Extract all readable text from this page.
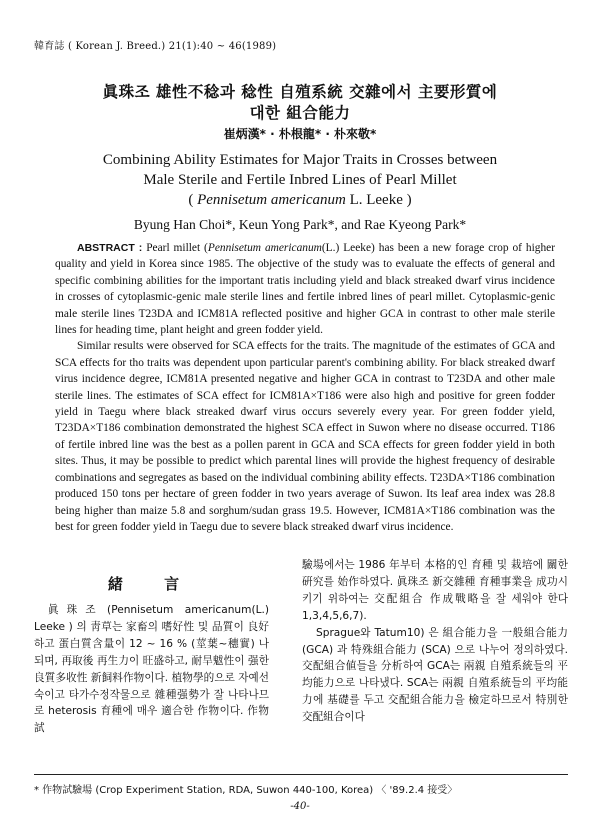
韓育誌 ( Korean J. Breed.) 21(1):40 ~ 46(1989)
眞珠조 雄性不稔과 稔性 自殖系統 交雜에서 主要形質에
대한 組合能力
崔炳漢* · 朴根龍* · 朴來敬*
Combining Ability Estimates for Major Traits in Crosses between
Male Sterile and Fertile Inbred Lines of Pearl Millet
( Pennisetum americanum L. Leeke )
Byung Han Choi*, Keun Yong Park*, and Rae Kyeong Park*

ABSTRACT : Pearl millet (Pennisetum americanum(L.) Leeke) has been a new forage crop of higher quality and yield in Korea since 1985. The objective of the study was to evaluate the effects of general and specific combining abilities for the important tratis including yield and black streaked dwarf virus incidence in crosses of cytoplasmic-genic male sterile lines and fertile inbred lines of pearl millet. Cytoplasmic-genic male sterile lines T23DA and ICM81A reflected positive and higher GCA in contrast to other male sterile lines for heading time, plant height and green fodder yield.

Similar results were observed for SCA effects for the traits. The magnitude of the estimates of GCA and SCA effects for tho traits was dependent upon particular parent's combining ability. For black streaked dwarf virus incidence degree, ICM81A presented negative and higher GCA in contrast to T23DA and other male sterile lines. The estimates of SCA effect for ICM81A×T186 were also high and positive for green fodder yield in Taegu where black streaked dwarf virus occurs severely every year. For green fodder yield, T23DA×T186 combination demonstrated the highest SCA effect in Suwon where no disease occurred. T186 of fertile inbred line was the best as a pollen parent in GCA and SCA effects for green fodder yield in both sites. Thus, it may be possible to predict which parental lines will provide the highest frequency of desirable combinations and segregates as based on the individual combining ability effects. T23DA×T186 combination produced 150 tons per hectare of green fodder in two years average of Suwon. Its leaf area index was 28.8 being higher than maize 5.8 and sorghum/sudan grass 19.5. However, ICM81A×T186 combination was the best for green fodder yield in Taegu due to severe black streaked dwarf virus incidence.

緒 言

眞珠조 (Pennisetum americanum(L.) Leeke ) 의 靑草는 家畜의 嗜好性 및 品質이 良好하고 蛋白質含量이 12 ~ 16 % (莖葉~穗實) 나 되며, 再取後 再生力이 旺盛하고, 耐旱魃性이 强한 良質多收性 新飼料作物이다. 植物學的으로 자예선숙이고 타가수정작물으로 雜種强勢가 잘 나타나므로 heterosis 育種에 매우 適合한 作物이다. 作物試

驗場에서는 1986 年부터 本格的인 育種 및 栽培에 關한 硏究를 始作하였다. 眞珠조 新交雜種 育種事業을 成功시키기 위하여는 交配組合 作成戰略을 잘 세워야 한다 1,3,4,5,6,7).

Sprague와 Tatum10) 은 組合能力을 一般組合能力 (GCA) 과 特殊組合能力 (SCA) 으로 나누어 정의하였다. 交配組合値들을 分析하여 GCA는 兩親 自殖系統들의 平均能力으로 나타냈다. SCA는 兩親 自殖系統들의 平均能力에 基礎를 두고 交配組合能力을 檢定하므로서 特別한 交配組合이다

* 作物試驗場 (Crop Experiment Station, RDA, Suwon 440-100, Korea) 〈 '89.2.4 接受〉
-40-
